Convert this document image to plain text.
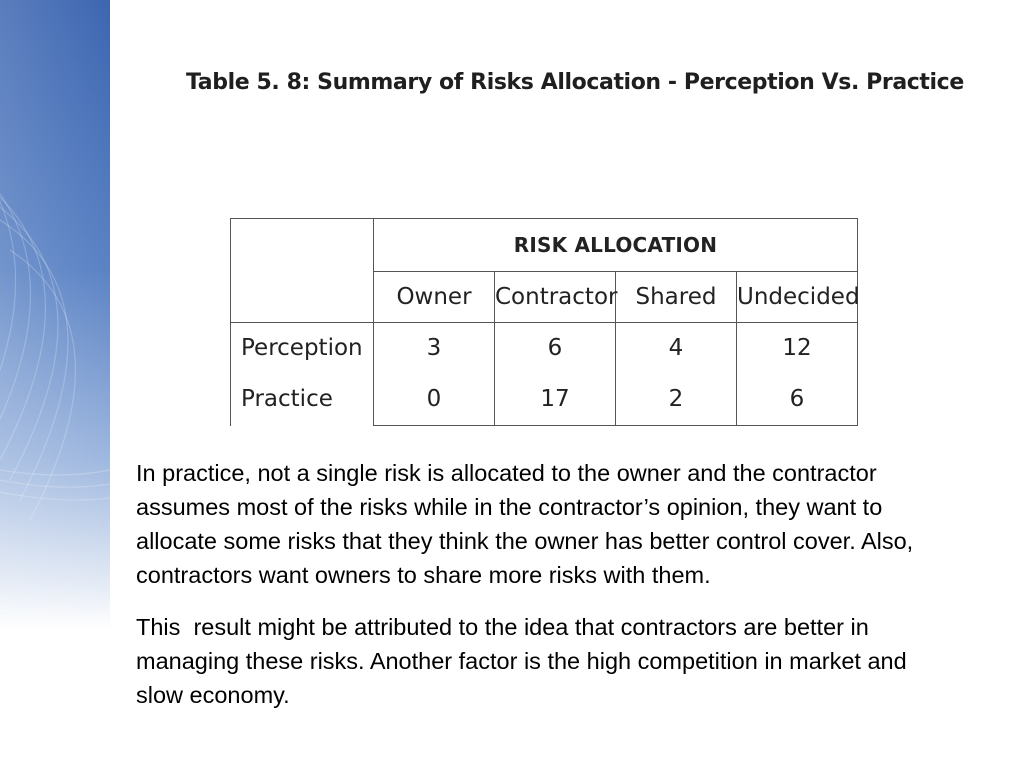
Table 5. 8: Summary of Risks Allocation - Perception Vs. Practice
	RISK ALLOCATION			
	Owner	Contractor	Shared	Undecided
Perception	3	6	4	12
Practice	0	17	2	6

In practice, not a single risk is allocated to the owner and the contractor assumes most of the risks while in the contractor’s opinion, they want to allocate some risks that they think the owner has better control cover. Also, contractors want owners to share more risks with them.

This  result might be attributed to the idea that contractors are better in managing these risks. Another factor is the high competition in market and slow economy.
